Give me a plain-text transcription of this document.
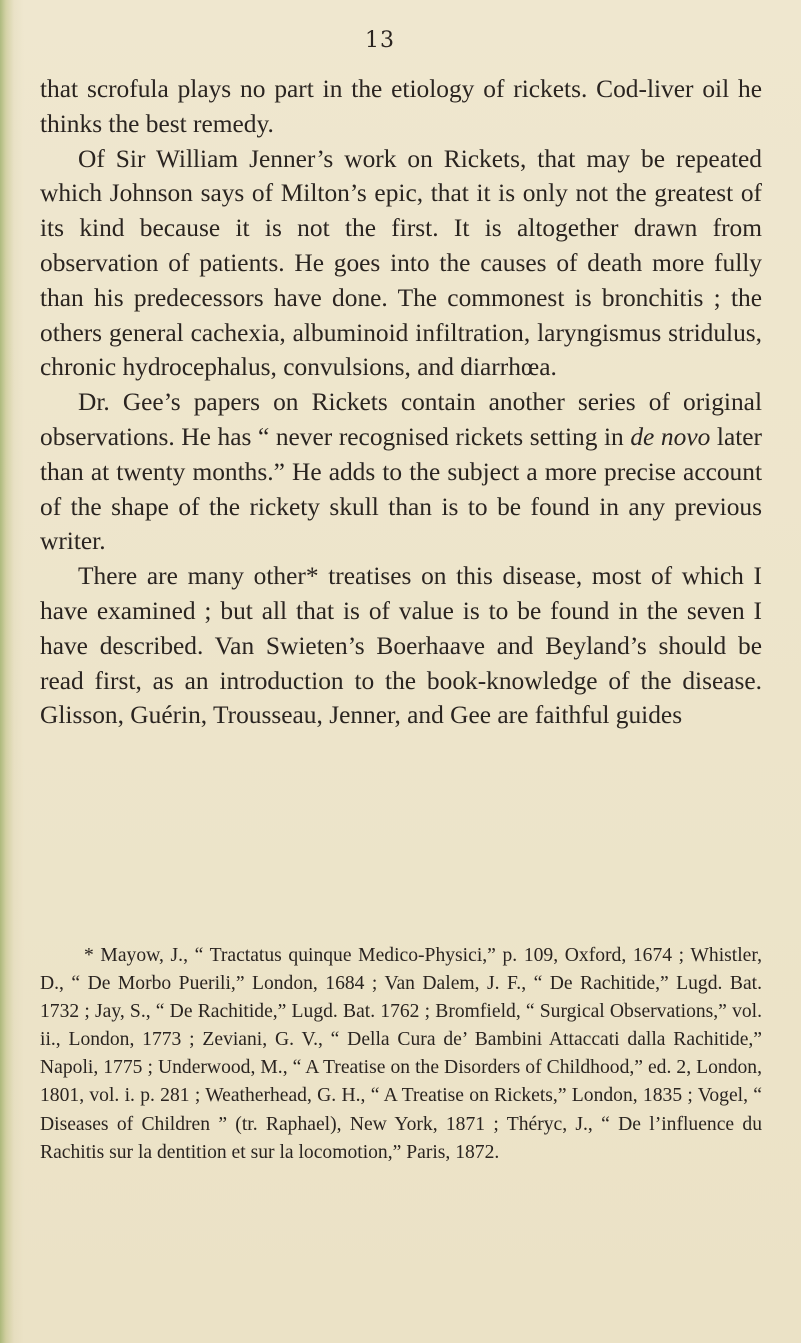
13

that scrofula plays no part in the etiology of rickets. Cod-liver oil he thinks the best remedy.

Of Sir William Jenner’s work on Rickets, that may be repeated which Johnson says of Milton’s epic, that it is only not the greatest of its kind because it is not the first. It is altogether drawn from observation of patients. He goes into the causes of death more fully than his predecessors have done. The commonest is bronchitis ; the others general cachexia, albuminoid infiltration, laryngismus stridulus, chronic hydrocephalus, convulsions, and diarrhœa.

Dr. Gee’s papers on Rickets contain another series of original observations. He has “ never recognised rickets setting in de novo later than at twenty months.” He adds to the subject a more precise account of the shape of the rickety skull than is to be found in any previous writer.

There are many other* treatises on this disease, most of which I have examined ; but all that is of value is to be found in the seven I have described. Van Swieten’s Boerhaave and Beyland’s should be read first, as an introduction to the book-knowledge of the disease. Glisson, Guérin, Trousseau, Jenner, and Gee are faithful guides

* Mayow, J., “ Tractatus quinque Medico-Physici,” p. 109, Oxford, 1674 ; Whistler, D., “ De Morbo Puerili,” London, 1684 ; Van Dalem, J. F., “ De Rachitide,” Lugd. Bat. 1732 ; Jay, S., “ De Rachitide,” Lugd. Bat. 1762 ; Bromfield, “ Surgical Observations,” vol. ii., London, 1773 ; Zeviani, G. V., “ Della Cura de’ Bambini Attaccati dalla Rachitide,” Napoli, 1775 ; Underwood, M., “ A Treatise on the Disorders of Childhood,” ed. 2, London, 1801, vol. i. p. 281 ; Weatherhead, G. H., “ A Treatise on Rickets,” London, 1835 ; Vogel, “ Diseases of Children ” (tr. Raphael), New York, 1871 ; Théryc, J., “ De l’influence du Rachitis sur la dentition et sur la locomotion,” Paris, 1872.
